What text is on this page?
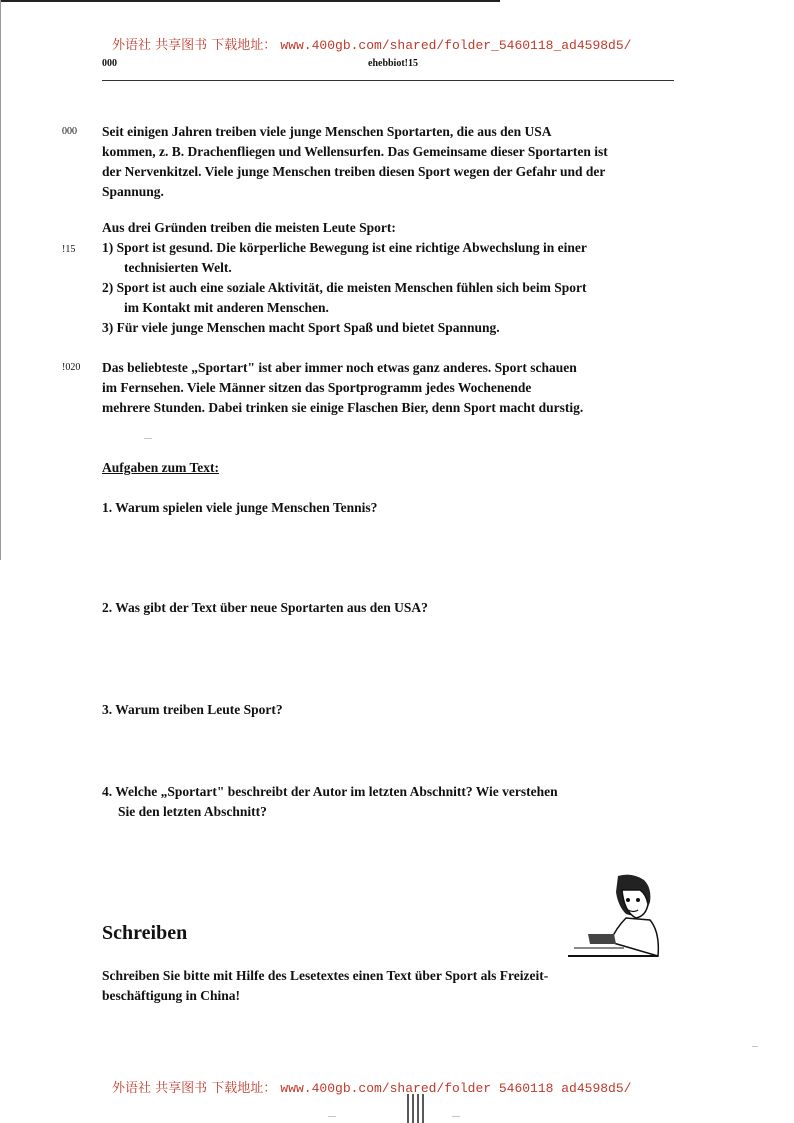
外语社 共享图书 下载地址： www.400gb.com/shared/folder_5460118_ad4598d5/
000	ehebbiot!15
000
!15
!020

Seit einigen Jahren treiben viele junge Menschen Sportarten, die aus den USA

kommen, z. B. Drachenfliegen und Wellensurfen. Das Gemeinsame dieser Sportarten ist

der Nervenkitzel. Viele junge Menschen treiben diesen Sport wegen der Gefahr und der

Spannung.

Aus drei Gründen treiben die meisten Leute Sport:

1) Sport ist gesund. Die körperliche Bewegung ist eine richtige Abwechslung in einer

technisierten Welt.

2) Sport ist auch eine soziale Aktivität, die meisten Menschen fühlen sich beim Sport

im Kontakt mit anderen Menschen.

3) Für viele junge Menschen macht Sport Spaß und bietet Spannung.

Das beliebteste „Sportart" ist aber immer noch etwas ganz anderes. Sport schauen

im Fernsehen. Viele Männer sitzen das Sportprogramm jedes Wochenende

mehrere Stunden. Dabei trinken sie einige Flaschen Bier, denn Sport macht durstig.

....
Aufgaben zum Text:
1. Warum spielen viele junge Menschen Tennis?
2. Was gibt der Text über neue Sportarten aus den USA?
3. Warum treiben Leute Sport?
4. Welche „Sportart" beschreibt der Autor im letzten Abschnitt? Wie verstehen
Sie den letzten Abschnitt?
Schreiben
Schreiben Sie bitte mit Hilfe des Lesetextes einen Text über Sport als Freizeit-
beschäftigung in China!
...
外语社 共享图书 下载地址： www.400gb.com/shared/folder 5460118 ad4598d5/
....	....
